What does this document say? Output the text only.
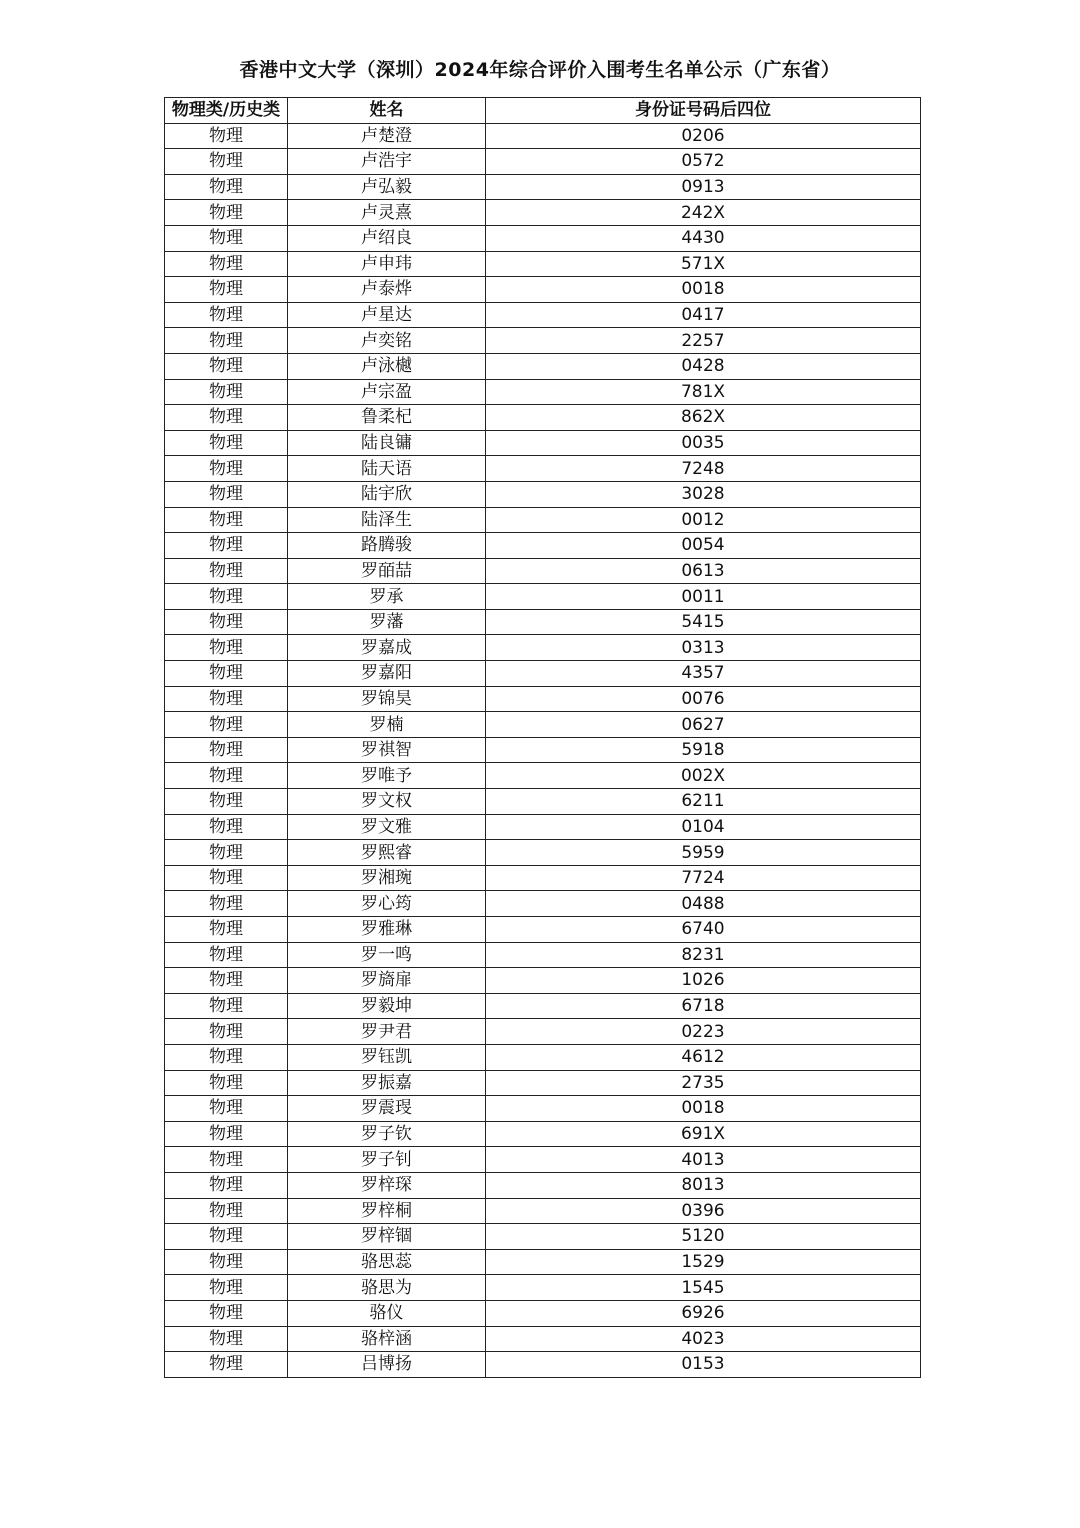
香港中文大学（深圳）2024年综合评价入围考生名单公示（广东省）
物理类/历史类	姓名	身份证号码后四位
物理	卢楚澄	0206
物理	卢浩宇	0572
物理	卢弘毅	0913
物理	卢灵熹	242X
物理	卢绍良	4430
物理	卢申玮	571X
物理	卢泰烨	0018
物理	卢星达	0417
物理	卢奕铭	2257
物理	卢泳樾	0428
物理	卢宗盈	781X
物理	鲁柔杞	862X
物理	陆良镛	0035
物理	陆天语	7248
物理	陆宇欣	3028
物理	陆泽生	0012
物理	路腾骏	0054
物理	罗皕喆	0613
物理	罗承	0011
物理	罗藩	5415
物理	罗嘉成	0313
物理	罗嘉阳	4357
物理	罗锦昊	0076
物理	罗楠	0627
物理	罗祺智	5918
物理	罗唯予	002X
物理	罗文权	6211
物理	罗文雅	0104
物理	罗熙睿	5959
物理	罗湘琬	7724
物理	罗心筠	0488
物理	罗雅琳	6740
物理	罗一鸣	8231
物理	罗旖扉	1026
物理	罗毅坤	6718
物理	罗尹君	0223
物理	罗钰凯	4612
物理	罗振嘉	2735
物理	罗震琝	0018
物理	罗子钦	691X
物理	罗子钊	4013
物理	罗梓琛	8013
物理	罗梓桐	0396
物理	罗梓锢	5120
物理	骆思蕊	1529
物理	骆思为	1545
物理	骆仪	6926
物理	骆梓涵	4023
物理	吕博扬	0153
